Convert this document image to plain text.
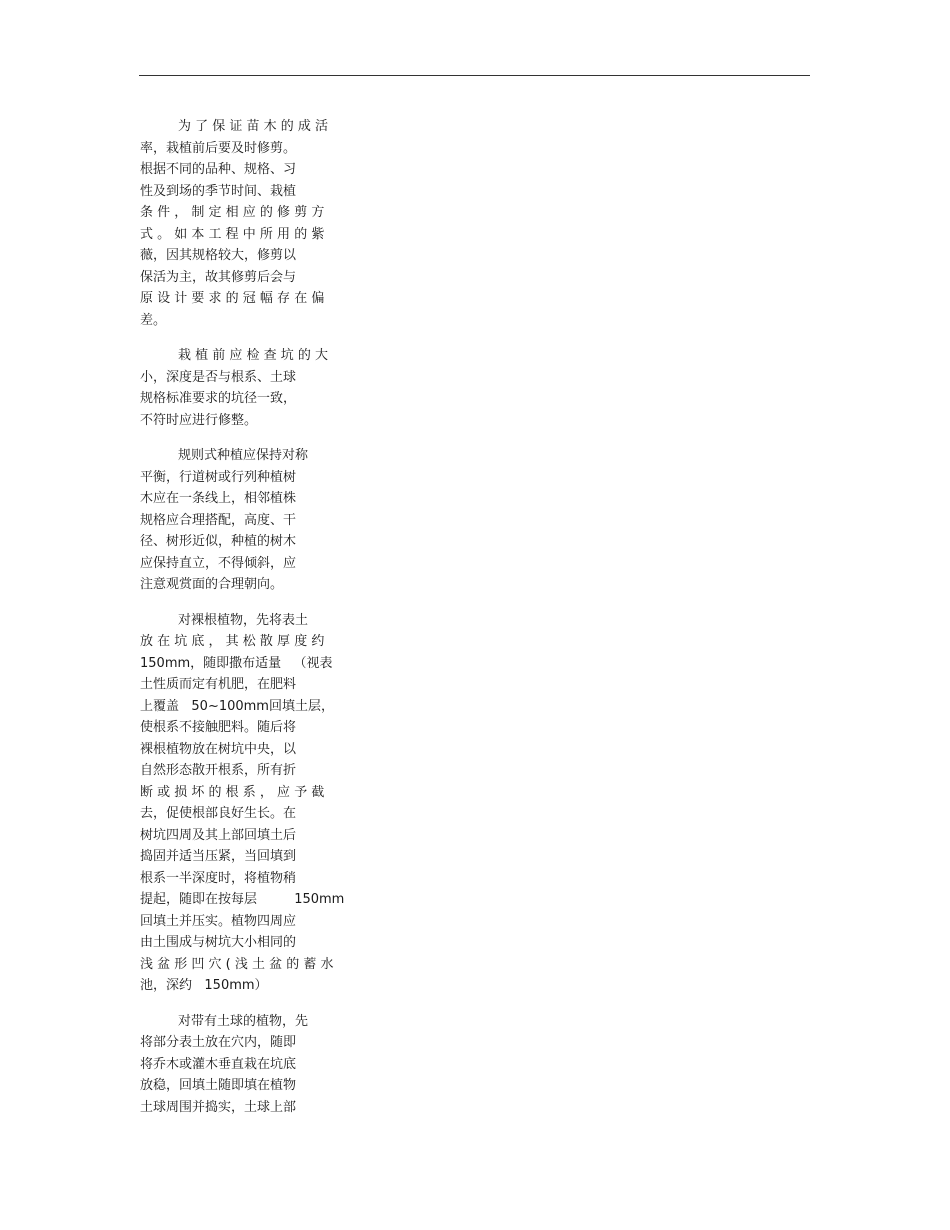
为 了 保 证 苗 木 的 成 活
率，栽植前后要及时修剪。
根据不同的品种、规格、习
性及到场的季节时间、栽植
条 件 ， 制 定 相 应 的 修 剪 方
式 。 如 本 工 程 中 所 用 的 紫
薇，因其规格较大，修剪以
保活为主，故其修剪后会与
原 设 计 要 求 的 冠 幅 存 在 偏
差。
栽 植 前 应 检 查 坑 的 大
小，深度是否与根系、土球
规格标准要求的坑径一致，
不符时应进行修整。
规则式种植应保持对称
平衡，行道树或行列种植树
木应在一条线上，相邻植株
规格应合理搭配，高度、干
径、树形近似，种植的树木
应保持直立，不得倾斜，应
注意观赏面的合理朝向。
对裸根植物，先将表土
放 在 坑 底 ， 其 松 散 厚 度 约
150mm，随即撒布适量   （视表
土性质而定有机肥，在肥料
上覆盖   50~100mm回填土层，
使根系不接触肥料。随后将
裸根植物放在树坑中央，以
自然形态散开根系，所有折
断 或 损 坏 的 根 系 ， 应 予 截
去，促使根部良好生长。在
树坑四周及其上部回填土后
捣固并适当压紧，当回填到
根系一半深度时，将植物稍
提起，随即在按每层         150mm
回填土并压实。植物四周应
由土围成与树坑大小相同的
浅 盆 形 凹 穴 ( 浅 土 盆 的 蓄 水
池，深约   150mm）
对带有土球的植物，先
将部分表土放在穴内，随即
将乔木或灌木垂直栽在坑底
放稳，回填土随即填在植物
土球周围并捣实，土球上部
